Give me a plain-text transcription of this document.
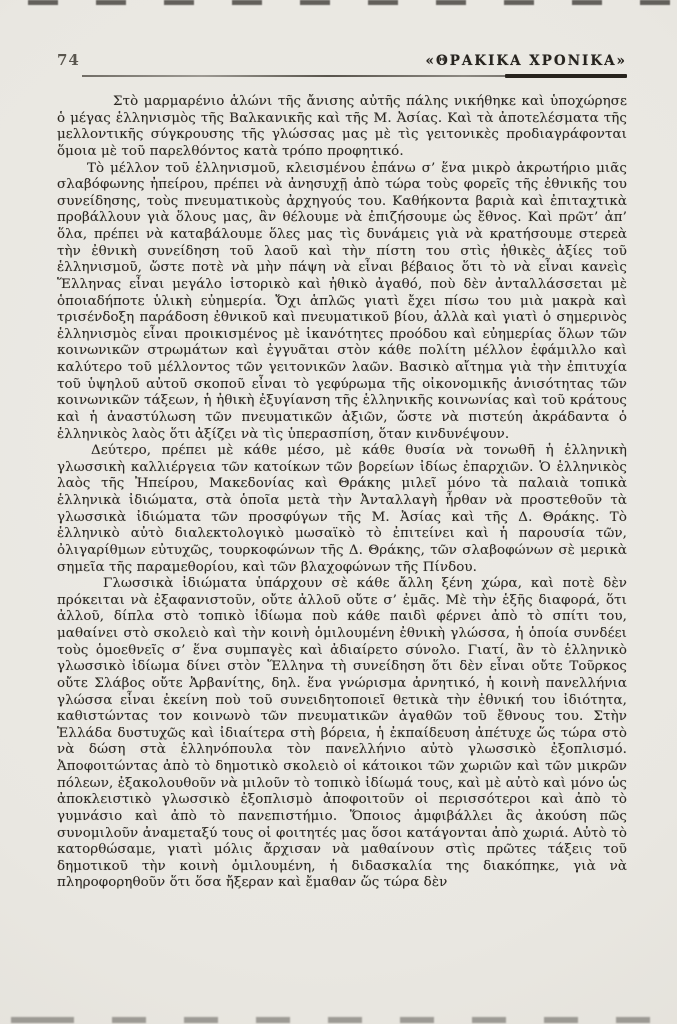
74	«ΘΡΑΚΙΚΑ ΧΡΟΝΙΚΑ»

Στὸ μαρμαρένιο ἁλώνι τῆς ἄνισης αὐτῆς πάλης νικήθηκε καὶ ὑποχώρησε ὁ μέγας ἑλληνισμὸς τῆς Βαλκανικῆς καὶ τῆς Μ. Ἀσίας. Καὶ τὰ ἀποτελέσματα τῆς μελλοντικῆς σύγκρουσης τῆς γλώσσας μας μὲ τὶς γειτονικὲς προδιαγράφονται ὅμοια μὲ τοῦ παρελθόντος κατὰ τρόπο προφητικό.

Τὸ μέλλον τοῦ ἑλληνισμοῦ, κλεισμένου ἐπάνω σ’ ἕνα μικρὸ ἀκρωτήριο μιᾶς σλαβόφωνης ἠπείρου, πρέπει νὰ ἀνησυχῇ ἀπὸ τώρα τοὺς φορεῖς τῆς ἐθνικῆς του συνείδησης, τοὺς πνευματικοὺς ἀρχηγούς του. Καθήκοντα βαριὰ καὶ ἐπιταχτικὰ προβάλλουν γιὰ ὅλους μας, ἂν θέλουμε νὰ ἐπιζήσουμε ὡς ἔθνος. Καὶ πρῶτ’ ἀπ’ ὅλα, πρέπει νὰ καταβάλουμε ὅλες μας τὶς δυνάμεις γιὰ νὰ κρατήσουμε στερεὰ τὴν ἐθνικὴ συνείδηση τοῦ λαοῦ καὶ τὴν πίστη του στὶς ἠθικὲς ἀξίες τοῦ ἑλληνισμοῦ, ὥστε ποτὲ νὰ μὴν πάψη νὰ εἶναι βέβαιος ὅτι τὸ νὰ εἶναι κανεὶς Ἕλληνας εἶναι μεγάλο ἱστορικὸ καὶ ἠθικὸ ἀγαθό, ποὺ δὲν ἀνταλλάσσεται μὲ ὁποιαδήποτε ὑλικὴ εὐημερία. Ὄχι ἁπλῶς γιατὶ ἔχει πίσω του μιὰ μακρὰ καὶ τρισένδοξη παράδοση ἐθνικοῦ καὶ πνευματικοῦ βίου, ἀλλὰ καὶ γιατὶ ὁ σημερινὸς ἑλληνισμὸς εἶναι προικισμένος μὲ ἱκανότητες προόδου καὶ εὐημερίας ὅλων τῶν κοινωνικῶν στρωμάτων καὶ ἐγγυᾶται στὸν κάθε πολίτη μέλλον ἐφάμιλλο καὶ καλύτερο τοῦ μέλλοντος τῶν γειτονικῶν λαῶν. Βασικὸ αἴτημα γιὰ τὴν ἐπιτυχία τοῦ ὑψηλοῦ αὐτοῦ σκοποῦ εἶναι τὸ γεφύρωμα τῆς οἰκονομικῆς ἀνισότητας τῶν κοινωνικῶν τάξεων, ἡ ἠθικὴ ἐξυγίανση τῆς ἑλληνικῆς κοινωνίας καὶ τοῦ κράτους καὶ ἡ ἀναστύλωση τῶν πνευματικῶν ἀξιῶν, ὥστε νὰ πιστεύη ἀκράδαντα ὁ ἑλληνικὸς λαὸς ὅτι ἀξίζει νὰ τὶς ὑπερασπίση, ὅταν κινδυνέψουν.

Δεύτερο, πρέπει μὲ κάθε μέσο, μὲ κάθε θυσία νὰ τονωθῆ ἡ ἑλληνικὴ γλωσσικὴ καλλιέργεια τῶν κατοίκων τῶν βορείων ἰδίως ἐπαρχιῶν. Ὁ ἑλληνικὸς λαὸς τῆς Ἠπείρου, Μακεδονίας καὶ Θράκης μιλεῖ μόνο τὰ παλαιὰ τοπικὰ ἑλληνικὰ ἰδιώματα, στὰ ὁποῖα μετὰ τὴν Ἀνταλλαγὴ ἦρθαν νὰ προστεθοῦν τὰ γλωσσικὰ ἰδιώματα τῶν προσφύγων τῆς Μ. Ἀσίας καὶ τῆς Δ. Θράκης. Τὸ ἑλληνικὸ αὐτὸ διαλεκτολογικὸ μωσαϊκὸ τὸ ἐπιτείνει καὶ ἡ παρουσία τῶν, ὀλιγαρίθμων εὐτυχῶς, τουρκοφώνων τῆς Δ. Θράκης, τῶν σλαβοφώνων σὲ μερικὰ σημεῖα τῆς παραμεθορίου, καὶ τῶν βλαχοφώνων τῆς Πίνδου.

Γλωσσικὰ ἰδιώματα ὑπάρχουν σὲ κάθε ἄλλη ξένη χώρα, καὶ ποτὲ δὲν πρόκειται νὰ ἐξαφανιστοῦν, οὔτε ἀλλοῦ οὔτε σ’ ἐμᾶς. Μὲ τὴν ἑξῆς διαφορά, ὅτι ἀλλοῦ, δίπλα στὸ τοπικὸ ἰδίωμα ποὺ κάθε παιδὶ φέρνει ἀπὸ τὸ σπίτι του, μαθαίνει στὸ σκολειὸ καὶ τὴν κοινὴ ὁμιλουμένη ἐθνικὴ γλώσσα, ἡ ὁποία συνδέει τοὺς ὁμοεθνεῖς σ’ ἕνα συμπαγὲς καὶ ἀδιαίρετο σύνολο. Γιατί, ἂν τὸ ἑλληνικὸ γλωσσικὸ ἰδίωμα δίνει στὸν Ἕλληνα τὴ συνείδηση ὅτι δὲν εἶναι οὔτε Τοῦρκος οὔτε Σλάβος οὔτε Ἀρβανίτης, δηλ. ἕνα γνώρισμα ἀρνητικό, ἡ κοινὴ πανελλήνια γλώσσα εἶναι ἐκείνη ποὺ τοῦ συνειδητοποιεῖ θετικὰ τὴν ἐθνική του ἰδιότητα, καθιστώντας τον κοινωνὸ τῶν πνευματικῶν ἀγαθῶν τοῦ ἔθνους του. Στὴν Ἑλλάδα δυστυχῶς καὶ ἰδιαίτερα στὴ βόρεια, ἡ ἐκπαίδευση ἀπέτυχε ὥς τώρα στὸ νὰ δώση στὰ ἑλληνόπουλα τὸν πανελλήνιο αὐτὸ γλωσσικὸ ἐξοπλισμό. Ἀποφοιτώντας ἀπὸ τὸ δημοτικὸ σκολειὸ οἱ κάτοικοι τῶν χωριῶν καὶ τῶν μικρῶν πόλεων, ἐξακολουθοῦν νὰ μιλοῦν τὸ τοπικὸ ἰδίωμά τους, καὶ μὲ αὐτὸ καὶ μόνο ὡς ἀποκλειστικὸ γλωσσικὸ ἐξοπλισμὸ ἀποφοιτοῦν οἱ περισσότεροι καὶ ἀπὸ τὸ γυμνάσιο καὶ ἀπὸ τὸ πανεπιστήμιο. Ὅποιος ἀμφιβάλλει ἂς ἀκούση πῶς συνομιλοῦν ἀναμεταξύ τους οἱ φοιτητές μας ὅσοι κατάγονται ἀπὸ χωριά. Αὐτὸ τὸ κατορθώσαμε, γιατὶ μόλις ἄρχισαν νὰ μαθαίνουν στὶς πρῶτες τάξεις τοῦ δημοτικοῦ τὴν κοινὴ ὁμιλουμένη, ἡ διδασκαλία της διακόπηκε, γιὰ νὰ πληροφορηθοῦν ὅτι ὅσα ἤξεραν καὶ ἔμαθαν ὥς τώρα δὲν
